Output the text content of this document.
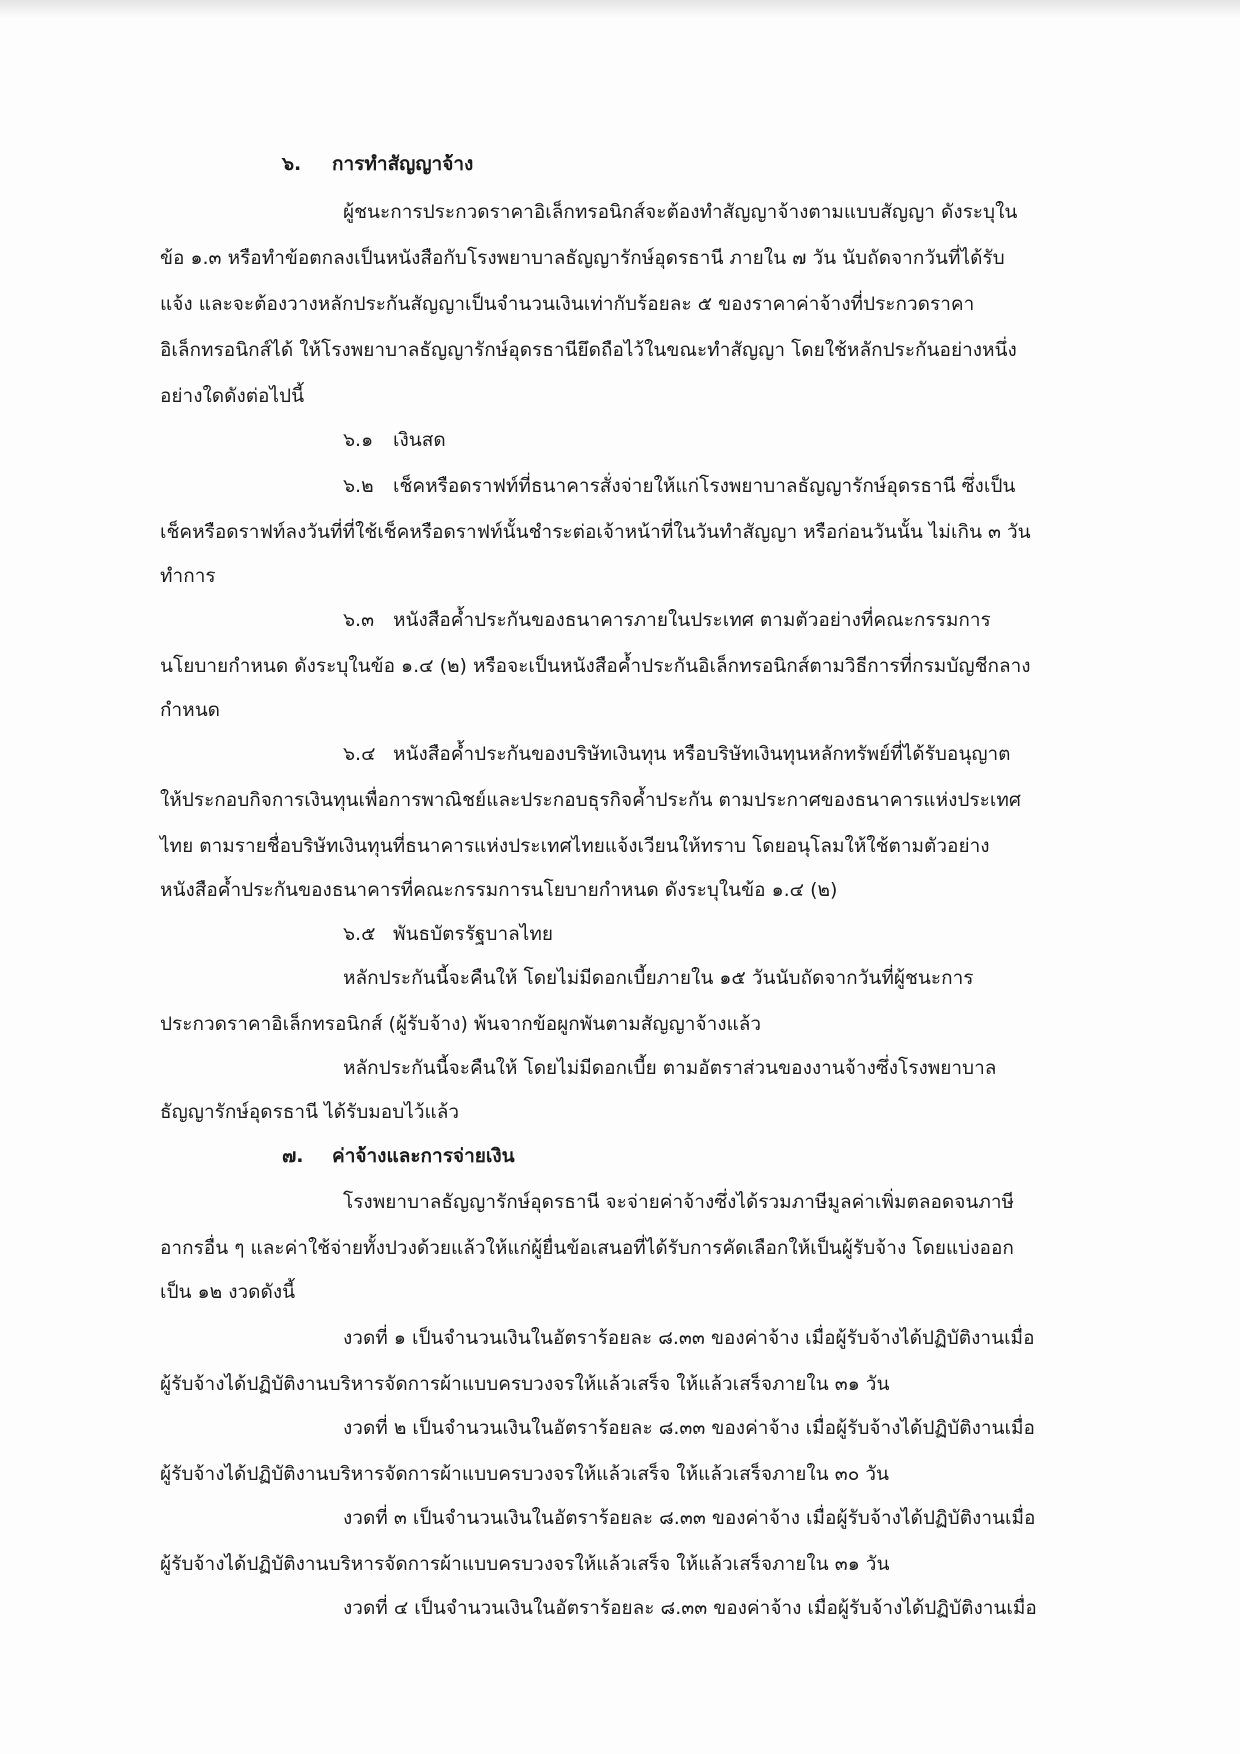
๖. การทำสัญญาจ้าง
ผู้ชนะการประกวดราคาอิเล็กทรอนิกส์จะต้องทำสัญญาจ้างตามแบบสัญญา ดังระบุใน
ข้อ ๑.๓ หรือทำข้อตกลงเป็นหนังสือกับโรงพยาบาลธัญญารักษ์อุดรธานี ภายใน ๗ วัน นับถัดจากวันที่ได้รับ
แจ้ง และจะต้องวางหลักประกันสัญญาเป็นจำนวนเงินเท่ากับร้อยละ ๕ ของราคาค่าจ้างที่ประกวดราคา
อิเล็กทรอนิกส์ได้ ให้โรงพยาบาลธัญญารักษ์อุดรธานียึดถือไว้ในขณะทำสัญญา โดยใช้หลักประกันอย่างหนึ่ง
อย่างใดดังต่อไปนี้
๖.๑ เงินสด
๖.๒ เช็คหรือดราฟท์ที่ธนาคารสั่งจ่ายให้แก่โรงพยาบาลธัญญารักษ์อุดรธานี ซึ่งเป็น
เช็คหรือดราฟท์ลงวันที่ที่ใช้เช็คหรือดราฟท์นั้นชำระต่อเจ้าหน้าที่ในวันทำสัญญา หรือก่อนวันนั้น ไม่เกิน ๓ วัน
ทำการ
๖.๓ หนังสือค้ำประกันของธนาคารภายในประเทศ ตามตัวอย่างที่คณะกรรมการ
นโยบายกำหนด ดังระบุในข้อ ๑.๔ (๒) หรือจะเป็นหนังสือค้ำประกันอิเล็กทรอนิกส์ตามวิธีการที่กรมบัญชีกลาง
กำหนด
๖.๔ หนังสือค้ำประกันของบริษัทเงินทุน หรือบริษัทเงินทุนหลักทรัพย์ที่ได้รับอนุญาต
ให้ประกอบกิจการเงินทุนเพื่อการพาณิชย์และประกอบธุรกิจค้ำประกัน ตามประกาศของธนาคารแห่งประเทศ
ไทย ตามรายชื่อบริษัทเงินทุนที่ธนาคารแห่งประเทศไทยแจ้งเวียนให้ทราบ โดยอนุโลมให้ใช้ตามตัวอย่าง
หนังสือค้ำประกันของธนาคารที่คณะกรรมการนโยบายกำหนด ดังระบุในข้อ ๑.๔ (๒)
๖.๕ พันธบัตรรัฐบาลไทย
หลักประกันนี้จะคืนให้ โดยไม่มีดอกเบี้ยภายใน ๑๕ วันนับถัดจากวันที่ผู้ชนะการ
ประกวดราคาอิเล็กทรอนิกส์ (ผู้รับจ้าง) พ้นจากข้อผูกพันตามสัญญาจ้างแล้ว
หลักประกันนี้จะคืนให้ โดยไม่มีดอกเบี้ย ตามอัตราส่วนของงานจ้างซึ่งโรงพยาบาล
ธัญญารักษ์อุดรธานี ได้รับมอบไว้แล้ว
๗. ค่าจ้างและการจ่ายเงิน
โรงพยาบาลธัญญารักษ์อุดรธานี จะจ่ายค่าจ้างซึ่งได้รวมภาษีมูลค่าเพิ่มตลอดจนภาษี
อากรอื่น ๆ และค่าใช้จ่ายทั้งปวงด้วยแล้วให้แก่ผู้ยื่นข้อเสนอที่ได้รับการคัดเลือกให้เป็นผู้รับจ้าง โดยแบ่งออก
เป็น ๑๒ งวดดังนี้
งวดที่ ๑ เป็นจำนวนเงินในอัตราร้อยละ ๘.๓๓ ของค่าจ้าง เมื่อผู้รับจ้างได้ปฏิบัติงานเมื่อ
ผู้รับจ้างได้ปฏิบัติงานบริหารจัดการผ้าแบบครบวงจรให้แล้วเสร็จ ให้แล้วเสร็จภายใน ๓๑ วัน
งวดที่ ๒ เป็นจำนวนเงินในอัตราร้อยละ ๘.๓๓ ของค่าจ้าง เมื่อผู้รับจ้างได้ปฏิบัติงานเมื่อ
ผู้รับจ้างได้ปฏิบัติงานบริหารจัดการผ้าแบบครบวงจรให้แล้วเสร็จ ให้แล้วเสร็จภายใน ๓๐ วัน
งวดที่ ๓ เป็นจำนวนเงินในอัตราร้อยละ ๘.๓๓ ของค่าจ้าง เมื่อผู้รับจ้างได้ปฏิบัติงานเมื่อ
ผู้รับจ้างได้ปฏิบัติงานบริหารจัดการผ้าแบบครบวงจรให้แล้วเสร็จ ให้แล้วเสร็จภายใน ๓๑ วัน
งวดที่ ๔ เป็นจำนวนเงินในอัตราร้อยละ ๘.๓๓ ของค่าจ้าง เมื่อผู้รับจ้างได้ปฏิบัติงานเมื่อ
